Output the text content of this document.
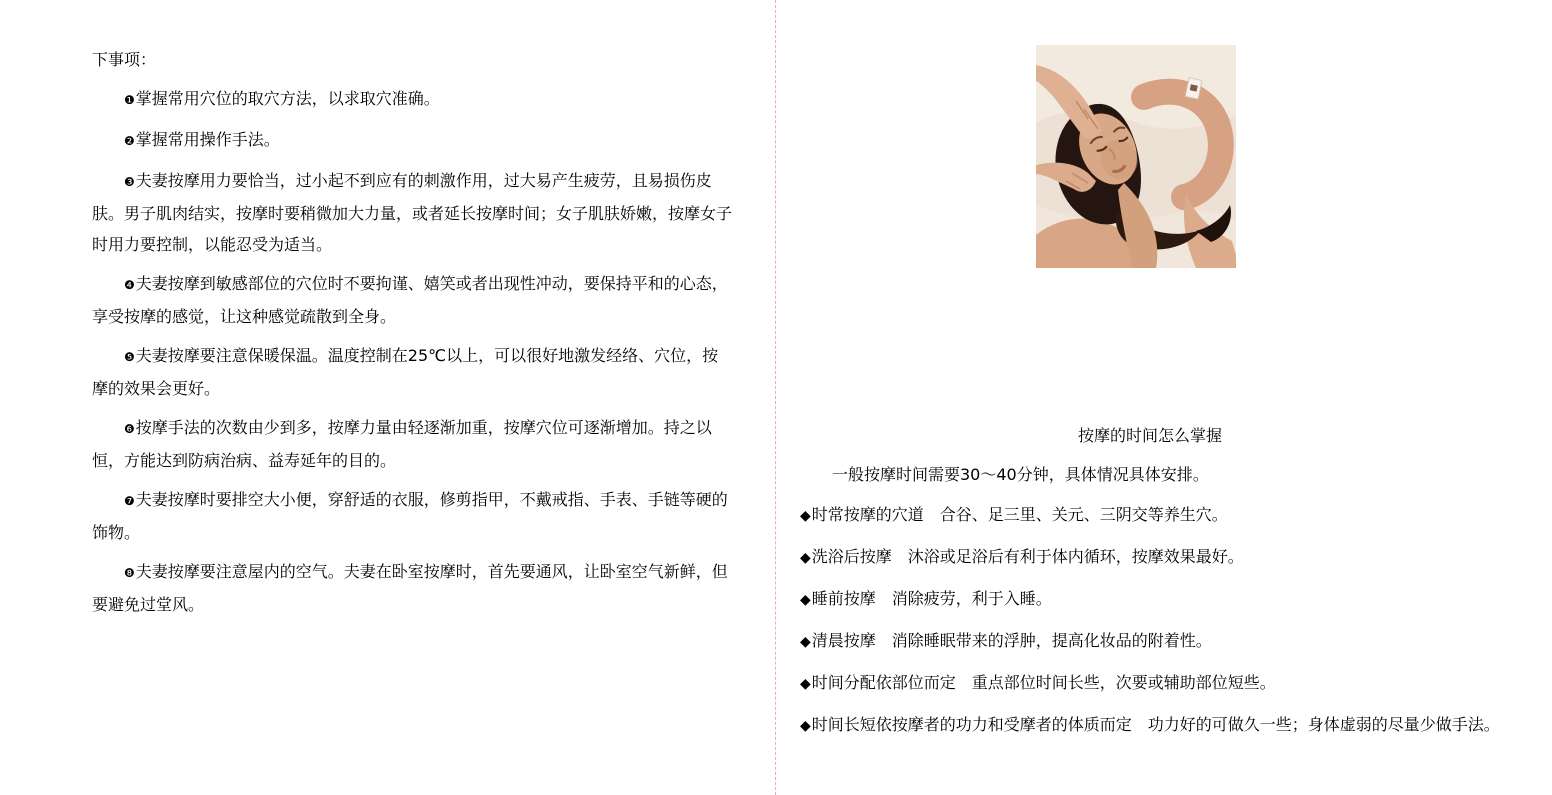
下事项：

❶掌握常用穴位的取穴方法，以求取穴准确。

❷掌握常用操作手法。

❸夫妻按摩用力要恰当，过小起不到应有的刺激作用，过大易产生疲劳，且易损伤皮肤。男子肌肉结实，按摩时要稍微加大力量，或者延长按摩时间；女子肌肤娇嫩，按摩女子时用力要控制，以能忍受为适当。

❹夫妻按摩到敏感部位的穴位时不要拘谨、嬉笑或者出现性冲动，要保持平和的心态，享受按摩的感觉，让这种感觉疏散到全身。

❺夫妻按摩要注意保暖保温。温度控制在25℃以上，可以很好地激发经络、穴位，按摩的效果会更好。

❻按摩手法的次数由少到多，按摩力量由轻逐渐加重，按摩穴位可逐渐增加。持之以恒，方能达到防病治病、益寿延年的目的。

❼夫妻按摩时要排空大小便，穿舒适的衣服，修剪指甲，不戴戒指、手表、手链等硬的饰物。

❽夫妻按摩要注意屋内的空气。夫妻在卧室按摩时，首先要通风，让卧室空气新鲜，但要避免过堂风。

按摩的时间怎么掌握

一般按摩时间需要30～40分钟，具体情况具体安排。

◆时常按摩的穴道　合谷、足三里、关元、三阴交等养生穴。

◆洗浴后按摩　沐浴或足浴后有利于体内循环，按摩效果最好。

◆睡前按摩　消除疲劳，利于入睡。

◆清晨按摩　消除睡眠带来的浮肿，提高化妆品的附着性。

◆时间分配依部位而定　重点部位时间长些，次要或辅助部位短些。

◆时间长短依按摩者的功力和受摩者的体质而定　功力好的可做久一些；身体虚弱的尽量少做手法。
